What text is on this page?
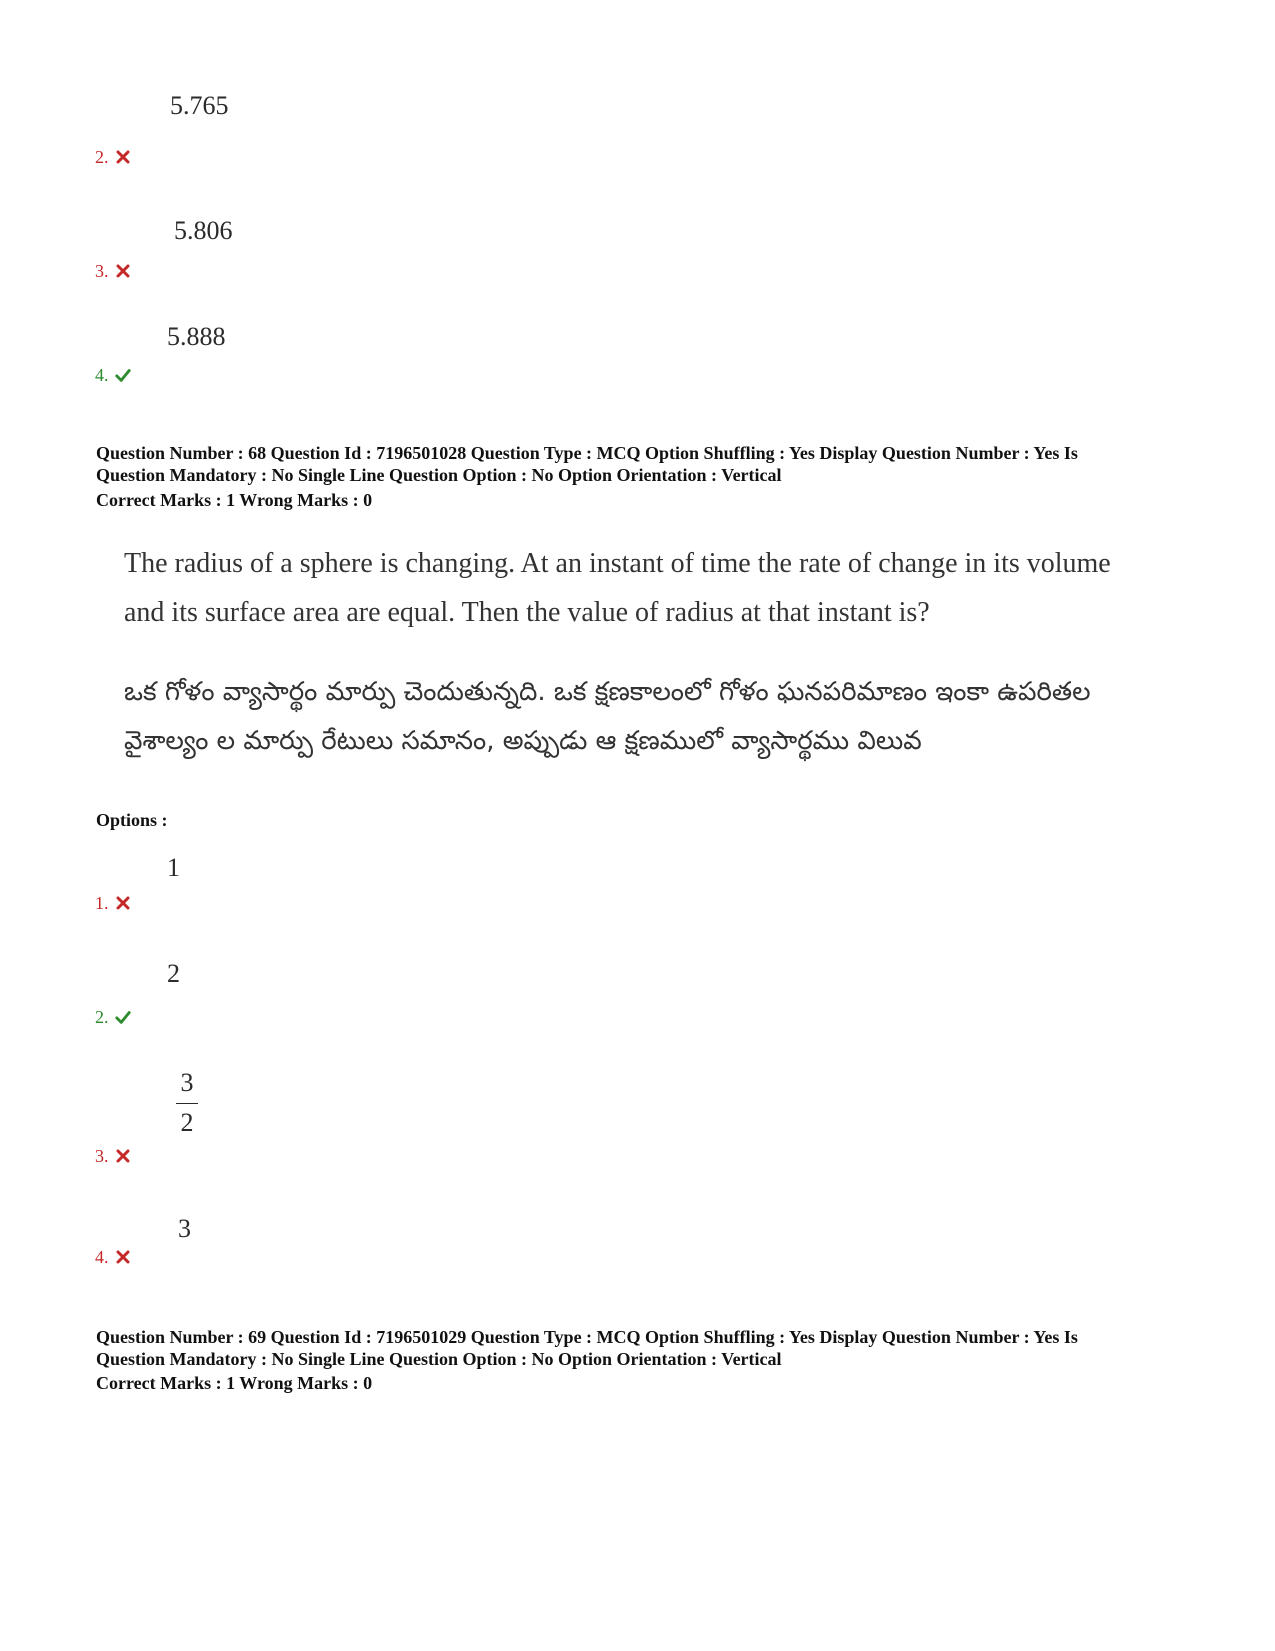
5.765
2.
5.806
3.
5.888
4.
Question Number : 68 Question Id : 7196501028 Question Type : MCQ Option Shuffling : Yes Display Question Number : Yes Is
Question Mandatory : No Single Line Question Option : No Option Orientation : Vertical
Correct Marks : 1 Wrong Marks : 0
The radius of a sphere is changing. At an instant of time the rate of change in its volume and its surface area are equal. Then the value of radius at that instant is?
ఒక గోళం వ్యాసార్థం మార్పు చెందుతున్నది. ఒక క్షణకాలంలో గోళం ఘనపరిమాణం ఇంకా ఉపరితల వైశాల్యం ల మార్పు రేటులు సమానం, అప్పుడు ఆ క్షణములో వ్యాసార్థము విలువ
Options :
1
1.
2
2.
3
2
3.
3
4.
Question Number : 69 Question Id : 7196501029 Question Type : MCQ Option Shuffling : Yes Display Question Number : Yes Is
Question Mandatory : No Single Line Question Option : No Option Orientation : Vertical
Correct Marks : 1 Wrong Marks : 0
